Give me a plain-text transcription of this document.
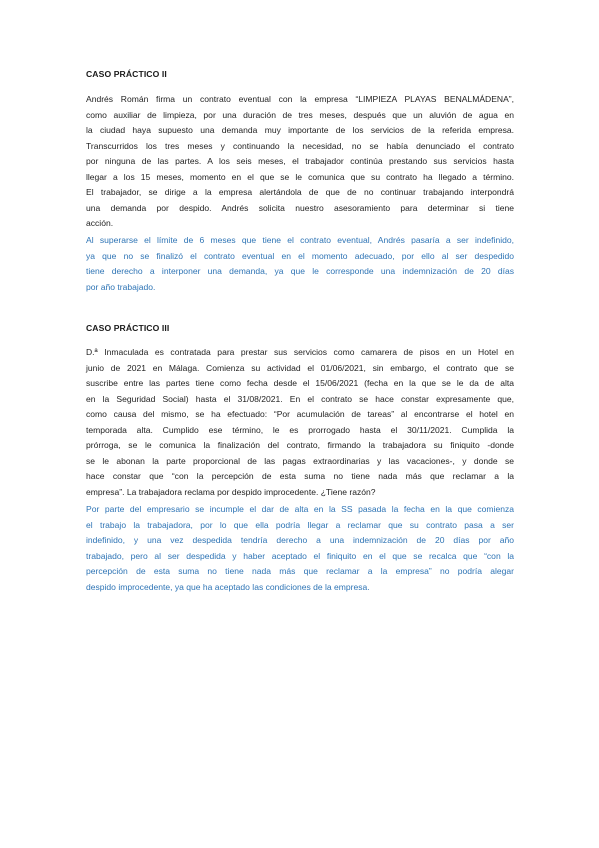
CASO PRÁCTICO II
Andrés Román firma un contrato eventual con la empresa “LIMPIEZA PLAYAS BENALMÁDENA”,
como auxiliar de limpieza, por una duración de tres meses, después que un aluvión de agua en
la ciudad haya supuesto una demanda muy importante de los servicios de la referida empresa.
Transcurridos los tres meses y continuando la necesidad, no se había denunciado el contrato
por ninguna de las partes. A los seis meses, el trabajador continúa prestando sus servicios hasta
llegar a los 15 meses, momento en el que se le comunica que su contrato ha llegado a término.
El trabajador, se dirige a la empresa alertándola de que de no continuar trabajando interpondrá
una demanda por despido. Andrés solicita nuestro asesoramiento para determinar si tiene
acción.
Al superarse el límite de 6 meses que tiene el contrato eventual, Andrés pasaría a ser indefinido,
ya que no se finalizó el contrato eventual en el momento adecuado, por ello al ser despedido
tiene derecho a interponer una demanda, ya que le corresponde una indemnización de 20 días
por año trabajado.
CASO PRÁCTICO III
D.ª Inmaculada es contratada para prestar sus servicios como camarera de pisos en un Hotel en
junio de 2021 en Málaga. Comienza su actividad el 01/06/2021, sin embargo, el contrato que se
suscribe entre las partes tiene como fecha desde el 15/06/2021 (fecha en la que se le da de alta
en la Seguridad Social) hasta el 31/08/2021. En el contrato se hace constar expresamente que,
como causa del mismo, se ha efectuado: “Por acumulación de tareas” al encontrarse el hotel en
temporada alta. Cumplido ese término, le es prorrogado hasta el 30/11/2021. Cumplida la
prórroga, se le comunica la finalización del contrato, firmando la trabajadora su finiquito -donde
se le abonan la parte proporcional de las pagas extraordinarias y las vacaciones-, y donde se
hace constar que “con la percepción de esta suma no tiene nada más que reclamar a la
empresa”. La trabajadora reclama por despido improcedente. ¿Tiene razón?
Por parte del empresario se incumple el dar de alta en la SS pasada la fecha en la que comienza
el trabajo la trabajadora, por lo que ella podría llegar a reclamar que su contrato pasa a ser
indefinido, y una vez despedida tendría derecho a una indemnización de 20 días por año
trabajado, pero al ser despedida y haber aceptado el finiquito en el que se recalca que “con la
percepción de esta suma no tiene nada más que reclamar a la empresa” no podría alegar
despido improcedente, ya que ha aceptado las condiciones de la empresa.
